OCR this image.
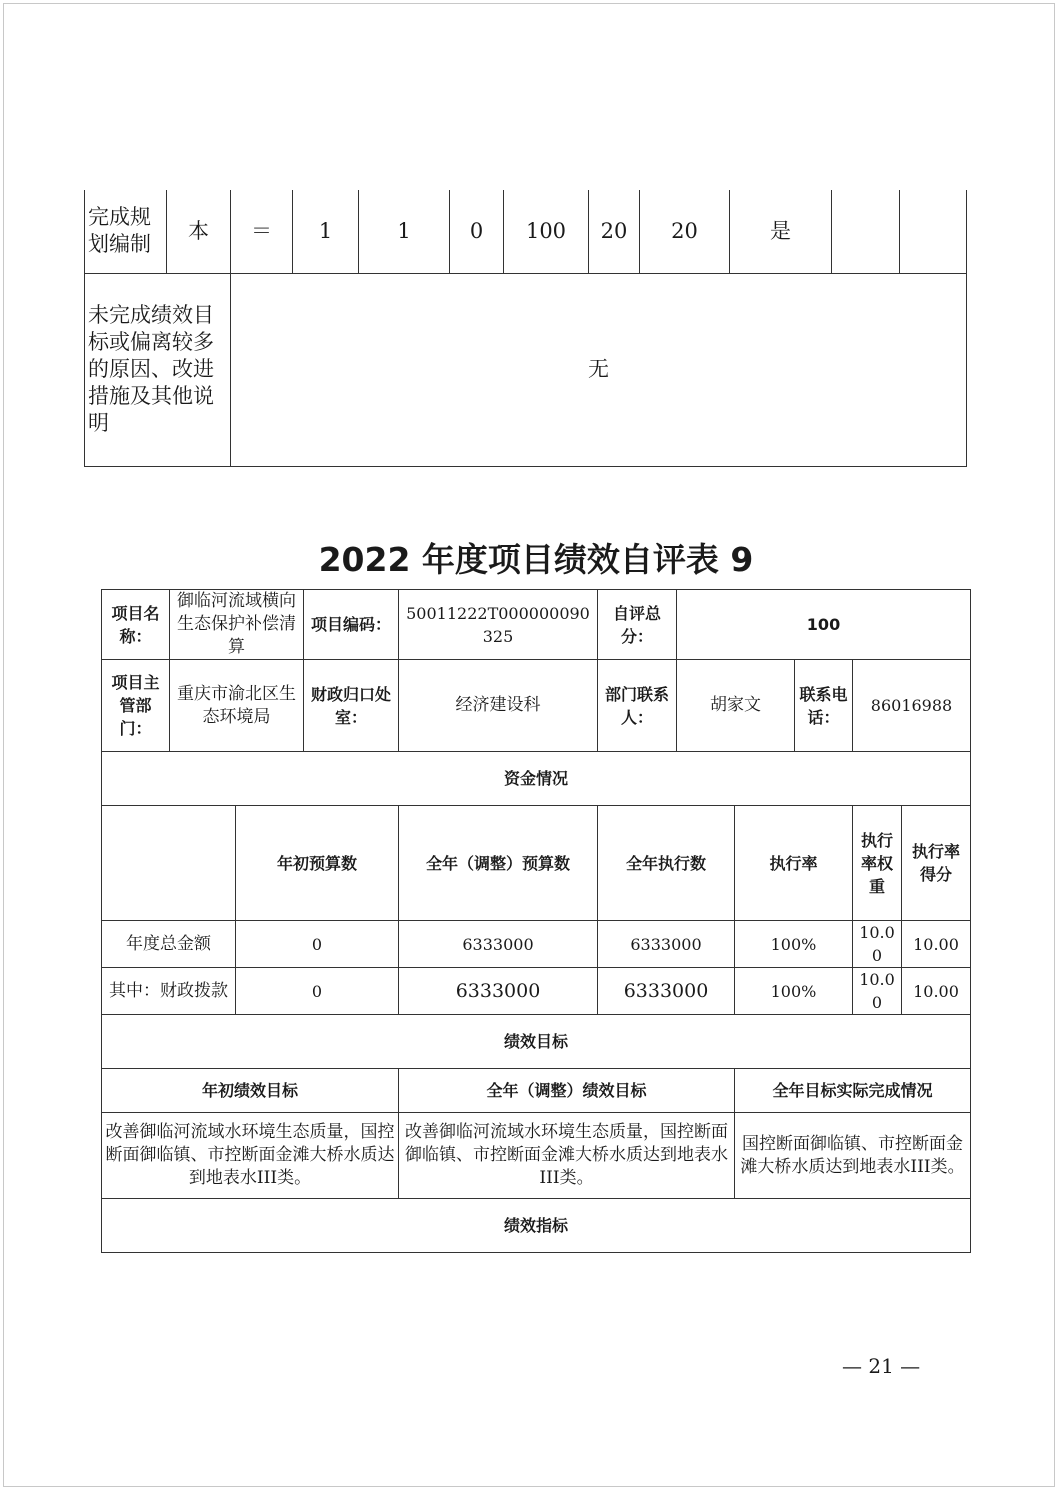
完成规划编制	本	＝	1	1	0	100	20	20	是		
未完成绩效目标或偏离较多的原因、改进措施及其他说明		无									
2022 年度项目绩效自评表 9
项目名称：	御临河流域横向生态保护补偿清算		项目编码：	50011222T000000090325	自评总分：	100				
项目主管部门：	重庆市渝北区生态环境局		财政归口处室：	经济建设科	部门联系人：	胡家文		联系电话：	86016988	
资金情况										
		年初预算数		全年（调整）预算数	全年执行数		执行率		执行率权重	执行率得分
年度总金额		0		6333000	6333000		100%		10.00	10.00
其中：财政拨款		0		6333000	6333000		100%		10.00	10.00
绩效目标										
年初绩效目标				全年（调整）绩效目标			全年目标实际完成情况			
改善御临河流域水环境生态质量，国控断面御临镇、市控断面金滩大桥水质达到地表水III类。				改善御临河流域水环境生态质量，国控断面御临镇、市控断面金滩大桥水质达到地表水III类。			国控断面御临镇、市控断面金滩大桥水质达到地表水III类。			
绩效指标										
— 21 —
